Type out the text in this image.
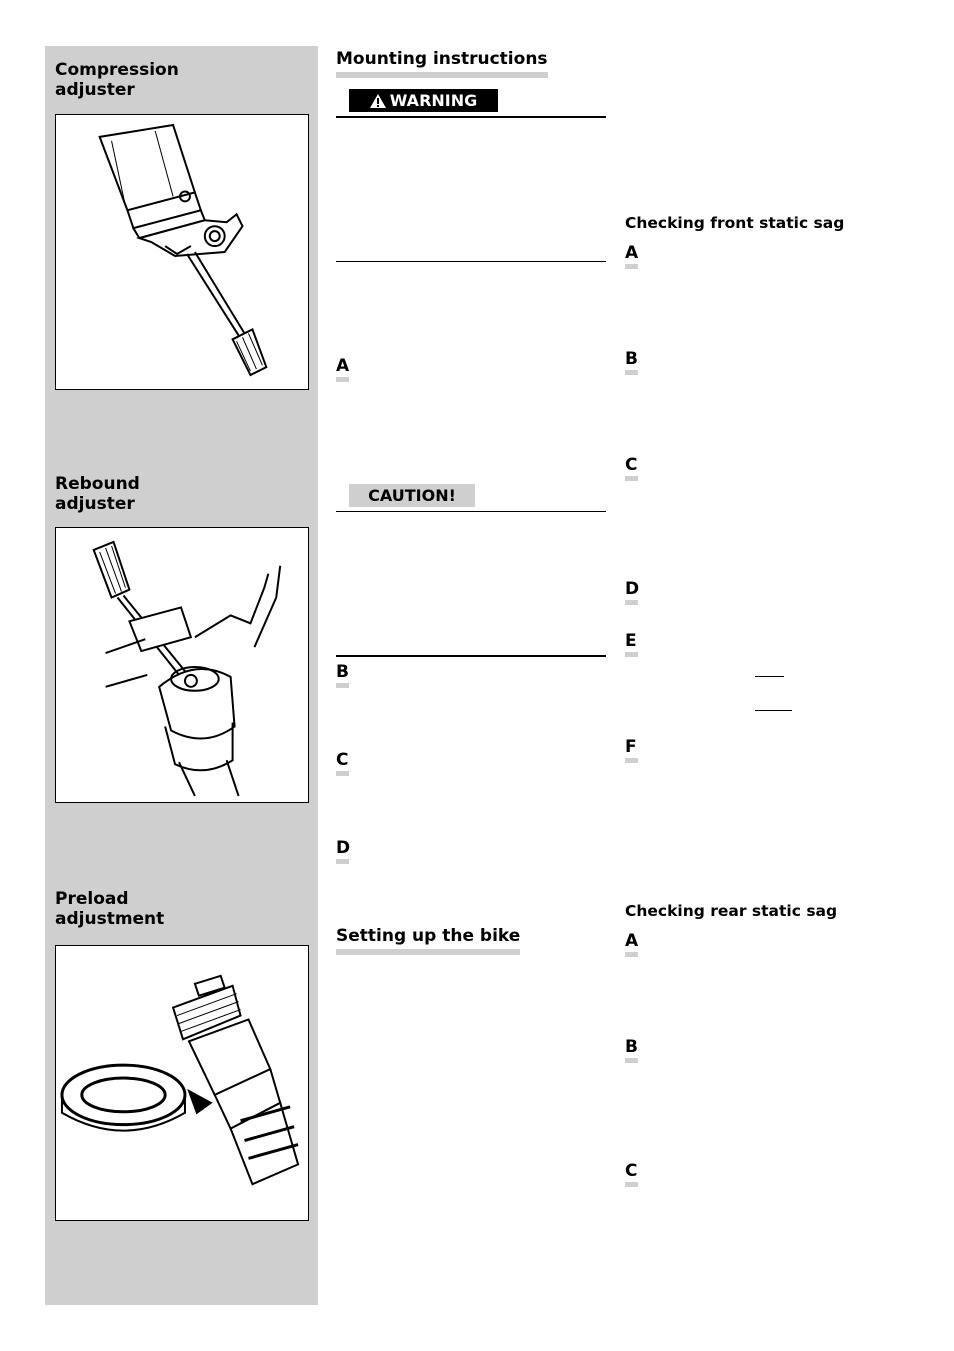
Compression
adjuster
Rebound
adjuster
Preload
adjustment
Mounting instructions
WARNING
A
CAUTION!
B
C
D
Setting up the bike
Checking front static sag
A
B
C
D
E
F
Checking rear static sag
A
B
C
